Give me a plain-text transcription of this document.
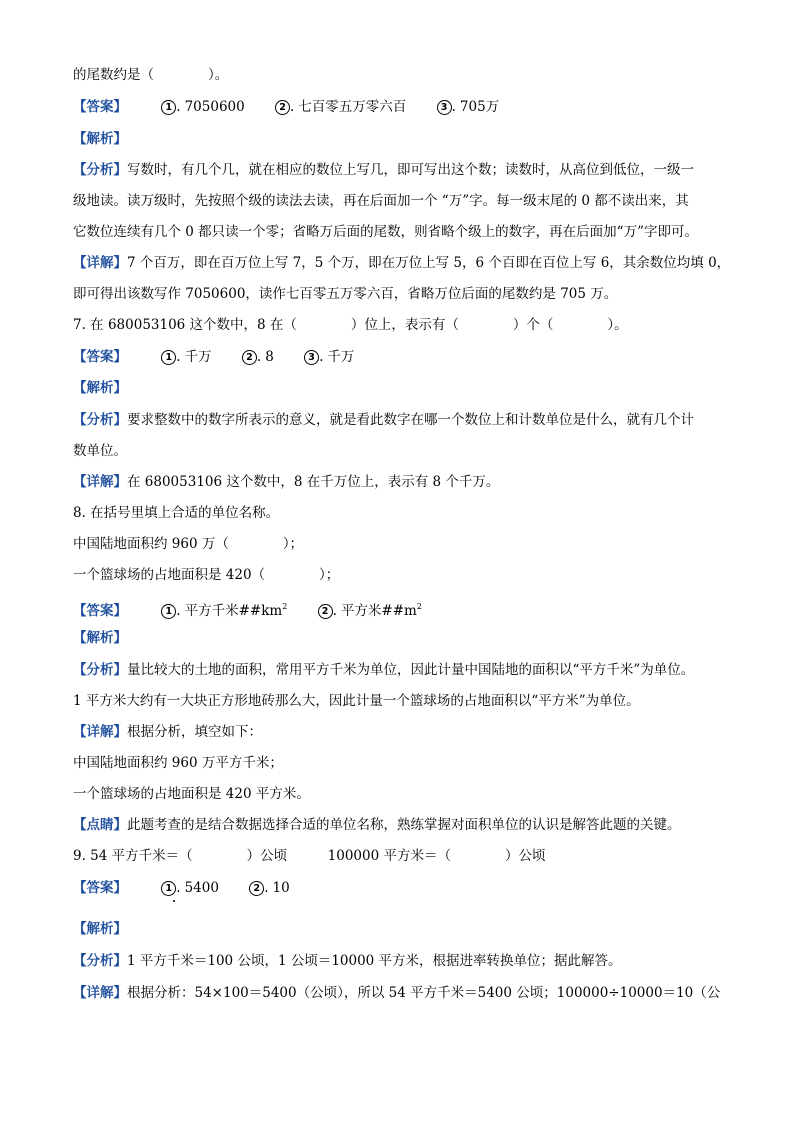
的尾数约是（　　　　）。
【答案】	1 . 7050600	2 . 七百零五万零六百	3 . 705万
【解析】
【分析】写数时，有几个几，就在相应的数位上写几，即可写出这个数；读数时，从高位到低位，一级一
级地读。读万级时，先按照个级的读法去读，再在后面加一个 “万”字。每一级末尾的 0 都不读出来，其
它数位连续有几个 0 都只读一个零；省略万后面的尾数，则省略个级上的数字，再在后面加“万”字即可。
【详解】7 个百万，即在百万位上写 7，5 个万，即在万位上写 5，6 个百即在百位上写 6，其余数位均填 0，
即可得出该数写作 7050600，读作七百零五万零六百，省略万位后面的尾数约是 705 万。
7. 在 680053106 这个数中，8 在（　　　　）位上，表示有（　　　　）个（　　　　）。
【答案】	1 . 千万	2 . 8	3 . 千万
【解析】
【分析】要求整数中的数字所表示的意义，就是看此数字在哪一个数位上和计数单位是什么，就有几个计
数单位。
【详解】在 680053106 这个数中，8 在千万位上，表示有 8 个千万。
8. 在括号里填上合适的单位名称。
中国陆地面积约 960 万（　　　　）；
一个篮球场的占地面积是 420（　　　　）；
【答案】	1 . 平方千米$\#\#km^2$	2 . 平方米$\#\#m^2$
【解析】
【分析】量比较大的土地的面积，常用平方千米为单位，因此计量中国陆地的面积以“平方千米”为单位。
1 平方米大约有一大块正方形地砖那么大，因此计量一个篮球场的占地面积以“平方米”为单位。
【详解】根据分析，填空如下：
中国陆地面积约 960 万平方千米；
一个篮球场的占地面积是 420 平方米。
【点睛】此题考查的是结合数据选择合适的单位名称，熟练掌握对面积单位的认识是解答此题的关键。
9. 54 平方千米＝（　　　　）公顷　　　100000 平方米＝（　　　　）公顷
【答案】	1 . 5400	2 . 10
【解析】
【分析】1 平方千米＝100 公顷，1 公顷＝10000 平方米，根据进率转换单位；据此解答。
【详解】根据分析：54×100＝5400（公顷），所以 54 平方千米＝5400 公顷；100000÷10000＝10（公
